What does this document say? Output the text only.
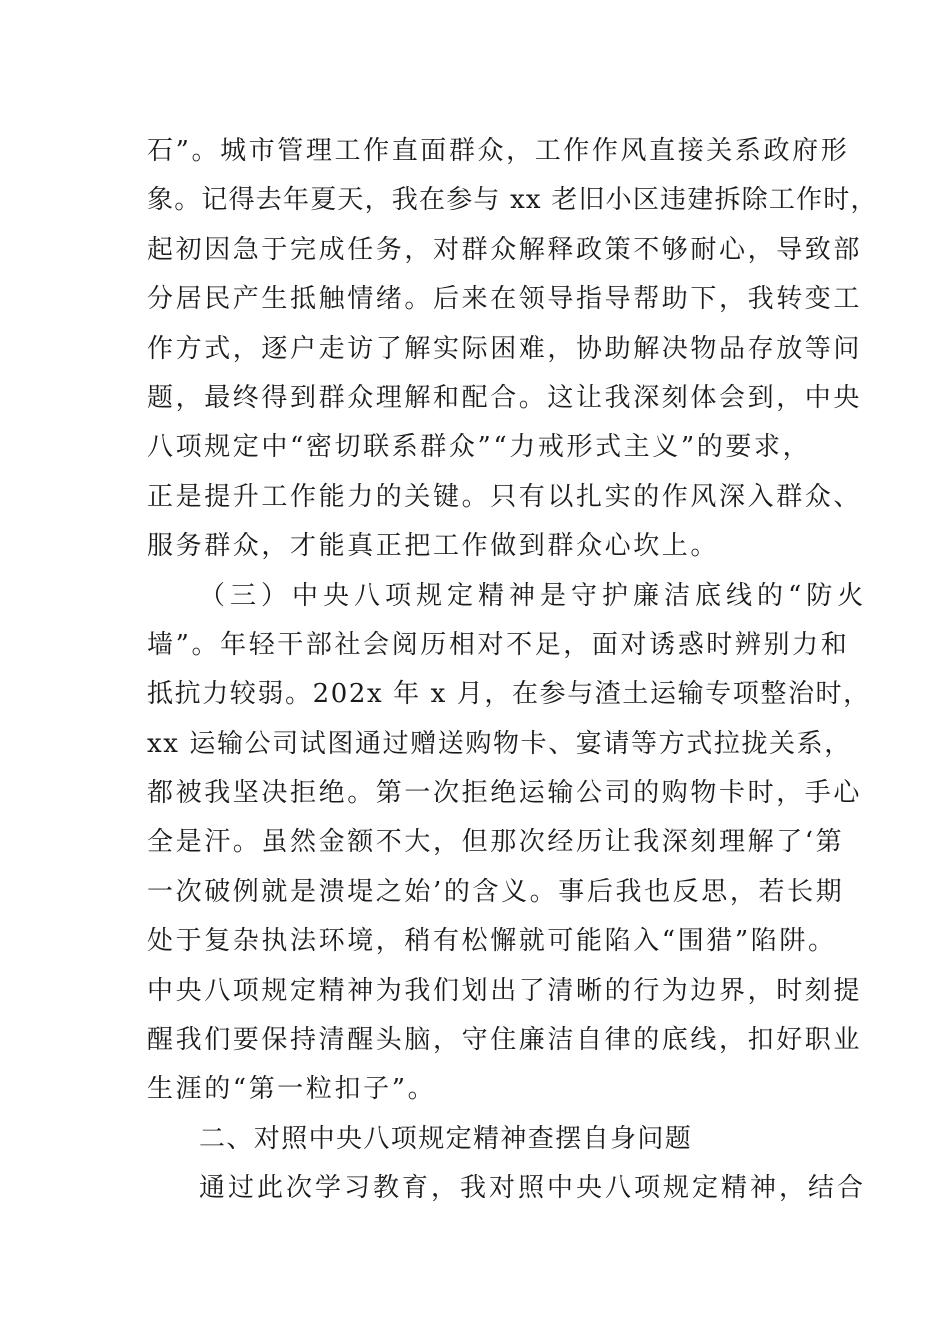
石”。城市管理工作直面群众，工作作风直接关系政府形
象。记得去年夏天，我在参与 xx 老旧小区违建拆除工作时，
起初因急于完成任务，对群众解释政策不够耐心，导致部
分居民产生抵触情绪。后来在领导指导帮助下，我转变工
作方式，逐户走访了解实际困难，协助解决物品存放等问
题，最终得到群众理解和配合。这让我深刻体会到，中央
八项规定中“密切联系群众”“力戒形式主义”的要求，
正是提升工作能力的关键。只有以扎实的作风深入群众、
服务群众，才能真正把工作做到群众心坎上。
（三）中央八项规定精神是守护廉洁底线的“防火
墙”。年轻干部社会阅历相对不足，面对诱惑时辨别力和
抵抗力较弱。202x 年 x 月，在参与渣土运输专项整治时，
xx 运输公司试图通过赠送购物卡、宴请等方式拉拢关系，
都被我坚决拒绝。第一次拒绝运输公司的购物卡时，手心
全是汗。虽然金额不大，但那次经历让我深刻理解了‘第
一次破例就是溃堤之始’的含义。事后我也反思，若长期
处于复杂执法环境，稍有松懈就可能陷入“围猎”陷阱。
中央八项规定精神为我们划出了清晰的行为边界，时刻提
醒我们要保持清醒头脑，守住廉洁自律的底线，扣好职业
生涯的“第一粒扣子”。
二、对照中央八项规定精神查摆自身问题
通过此次学习教育，我对照中央八项规定精神，结合
